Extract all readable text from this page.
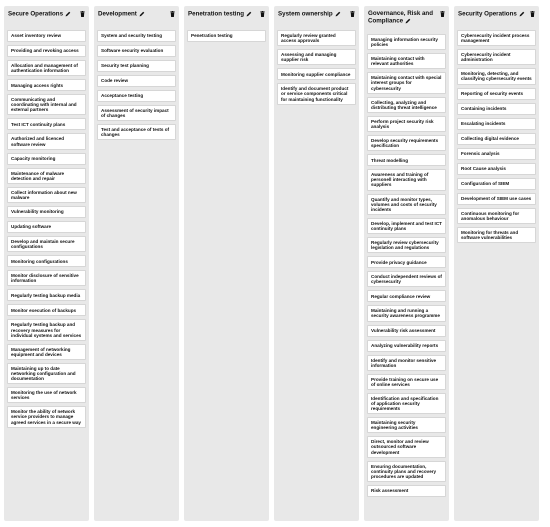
Secure Operations
Asset inventory review
Providing and revoking access
Allocation and management of authentication information
Managing access rights
Communicating and coordinating with internal and external partners
Test ICT continuity plans
Authorized and licenced software review
Capacity monitoring
Maintenance of malware detection and repair
Collect information about new malware
Vulnerability monitoring
Updating software
Develop and maintain secure configurations
Monitoring configurations
Monitor disclosure of sensitive information
Regularly testing backup media
Monitor execution of backups
Regularly testing backup and recovery measures for individual systems and services
Management of networking equipment and devices
Maintaining up to date networking configuration and documentation
Monitoring the use of network services
Monitor the ability of network service providers to manage agreed services in a secure way
Development
System and security testing
Software security evaluation
Security test planning
Code review
Acceptance testing
Assessment of security impact of changes
Test and acceptance of tests of changes
Penetration testing
Penetration testing
System ownership
Regularly review granted access approvals
Assessing and managing supplier risk
Monitoring supplier compliance
Identify and document product or service components critical for maintaining functionality
Governance, Risk and Compliance
Managing information security policies
Maintaining contact with relevant authorities
Maintaining contact with special interest groups for cybersecurity
Collecting, analyzing and distributing threat intelligence
Perform project security risk analysis
Develop security requirements specification
Threat modelling
Awareness and training of personell interacting with suppliers
Quantify and monitor types, volumes and costs of security incidents
Develop, implement and test ICT continuity plans
Regularly review cybersecurity legislation and regulations
Provide privacy guidance
Conduct independent reviews of cybersecurity
Regular compliance review
Maintaining and running a security awareness programme
Vulnerability risk assessment
Analyzing vulnerability reports
Identify and monitor sensitive information
Provide training on secure use of online services
Identification and specification of application security requirements
Maintaining security engineering activities
Direct, monitor and review outsourced software development
Ensuring documentation, continuity plans and recovery procedures are updated
Risk assessment
Security Operations
Cybersecurity incident process management
Cybersecurity incident administration
Monitoring, detecting, and classifying cybersecurity events
Reporting of security events
Containing incidents
Escalating incidents
Collecting digital evidence
Forensic analysis
Root Cause analysis
Configuration of SIEM
Development of SIEM use cases
Continuous monitoring for anomalous behaviour
Monitoring for threats and software vulnerabilities
